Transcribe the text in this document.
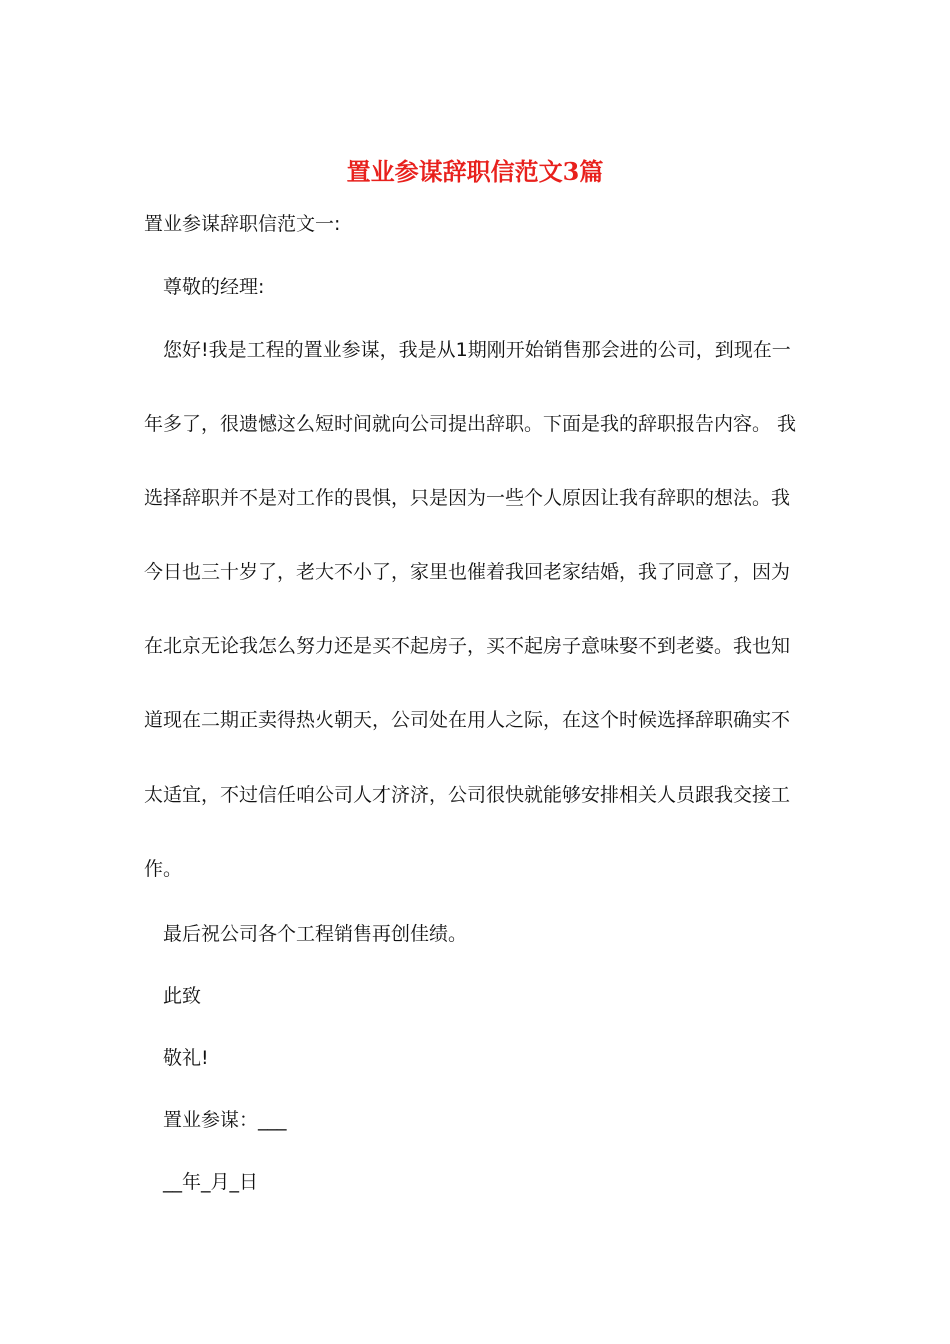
置业参谋辞职信范文3篇
置业参谋辞职信范文一:
尊敬的经理:
您好!我是工程的置业参谋，我是从1期刚开始销售那会进的公司，到现在一
年多了，很遗憾这么短时间就向公司提出辞职。下面是我的辞职报告内容。 我
选择辞职并不是对工作的畏惧，只是因为一些个人原因让我有辞职的想法。我
今日也三十岁了，老大不小了，家里也催着我回老家结婚，我了同意了，因为
在北京无论我怎么努力还是买不起房子，买不起房子意味娶不到老婆。我也知
道现在二期正卖得热火朝天，公司处在用人之际，在这个时候选择辞职确实不
太适宜，不过信任咱公司人才济济，公司很快就能够安排相关人员跟我交接工
作。
最后祝公司各个工程销售再创佳绩。
此致
敬礼!
置业参谋：___
__年_月_日
